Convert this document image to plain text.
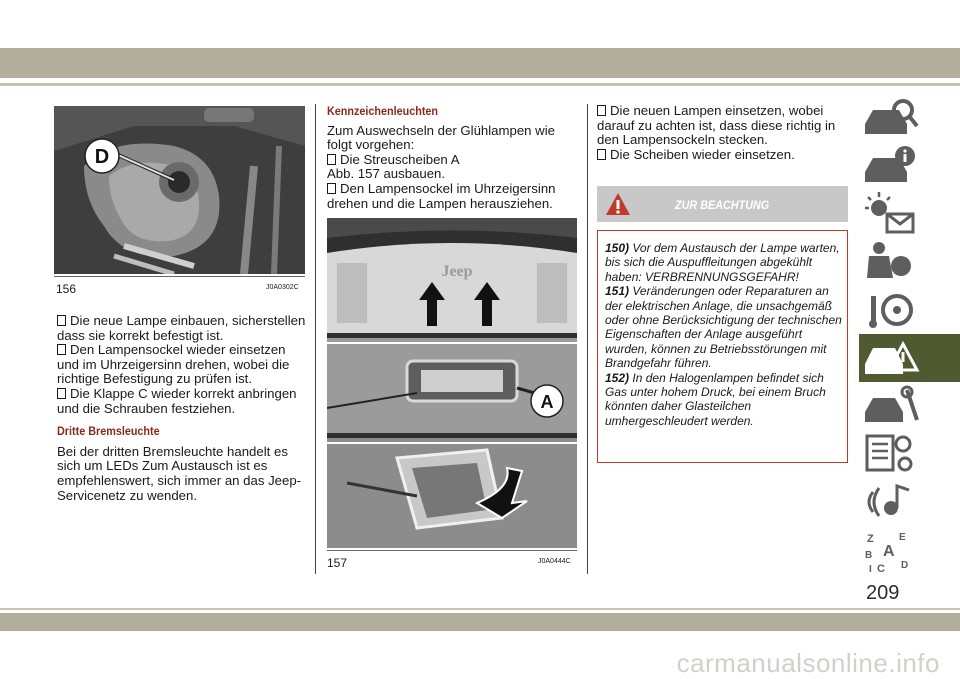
D
156	J0A0302C

Die neue Lampe einbauen, sicherstellen dass sie korrekt befestigt ist.

Den Lampensockel wieder einsetzen und im Uhrzeigersinn drehen, wobei die richtige Befestigung zu prüfen ist.

Die Klappe C wieder korrekt anbringen und die Schrauben festziehen.

Dritte Bremsleuchte

Bei der dritten Bremsleuchte handelt es sich um LEDs Zum Austausch ist es empfehlenswert, sich immer an das Jeep-Servicenetz zu wenden.

Kennzeichenleuchten

Zum Auswechseln der Glühlampen wie folgt vorgehen:

Die Streuscheiben A

Abb. 157 ausbauen.

Den Lampensockel im Uhrzeigersinn drehen und die Lampen herausziehen.

Jeep
A
157	J0A0444C

Die neuen Lampen einsetzen, wobei darauf zu achten ist, dass diese richtig in den Lampensockeln stecken.

Die Scheiben wieder einsetzen.

ZUR BEACHTUNG
150) Vor dem Austausch der Lampe warten, bis sich die Auspuffleitungen abgekühlt haben: VERBRENNUNGSGEFAHR!
151) Veränderungen oder Reparaturen an der elektrischen Anlage, die unsachgemäß oder ohne Berücksichtigung der technischen Eigenschaften der Anlage ausgeführt wurden, können zu Betriebsstörungen mit Brandgefahr führen.
152) In den Halogenlampen befindet sich Gas unter hohem Druck, bei einem Bruch könnten daher Glasteilchen umhergeschleudert werden.
Z	E
B A
C D
I
209
carmanualsonline.info
